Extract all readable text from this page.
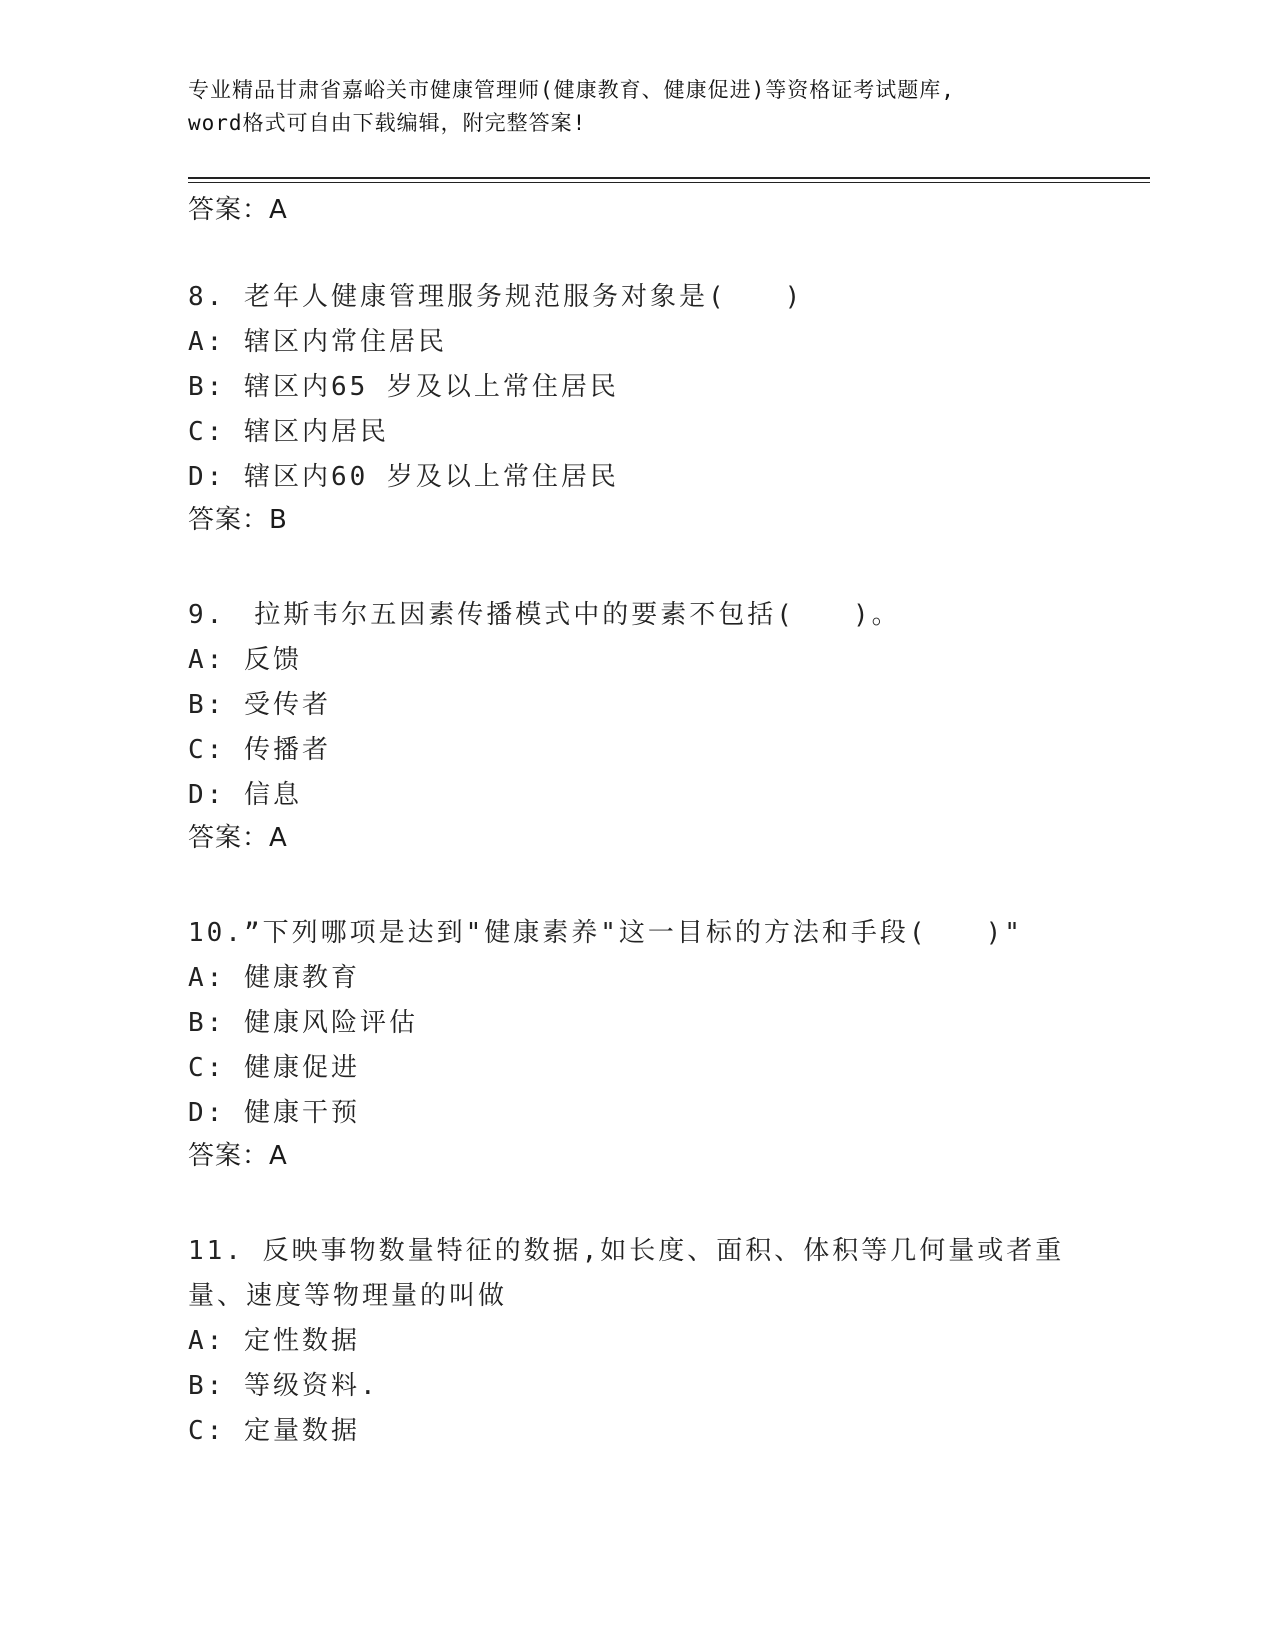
专业精品甘肃省嘉峪关市健康管理师(健康教育、健康促进)等资格证考试题库,
word格式可自由下载编辑，附完整答案!

答案：A

8. 老年人健康管理服务规范服务对象是(　　)

A: 辖区内常住居民

B: 辖区内65 岁及以上常住居民

C: 辖区内居民

D: 辖区内60 岁及以上常住居民

答案：B

9.　拉斯韦尔五因素传播模式中的要素不包括(　　)。

A: 反馈

B: 受传者

C: 传播者

D: 信息

答案：A

10.”下列哪项是达到"健康素养"这一目标的方法和手段(　　)"

A: 健康教育

B: 健康风险评估

C: 健康促进

D: 健康干预

答案：A

11. 反映事物数量特征的数据,如长度、面积、体积等几何量或者重量、速度等物理量的叫做

A: 定性数据

B: 等级资料.

C: 定量数据
